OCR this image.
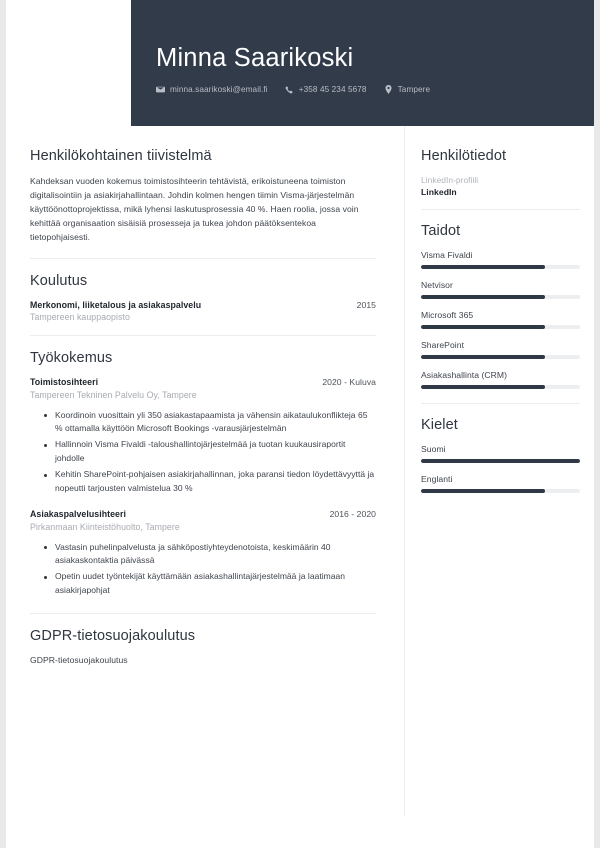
Minna Saarikoski
minna.saarikoski@email.fi	+358 45 234 5678	Tampere
Henkilökohtainen tiivistelmä
Kahdeksan vuoden kokemus toimistosihteerin tehtävistä, erikoistuneena toimiston digitalisointiin ja asiakirjahallintaan. Johdin kolmen hengen tiimin Visma-järjestelmän käyttöönottoprojektissa, mikä lyhensi laskutusprosessia 40 %. Haen roolia, jossa voin kehittää organisaation sisäisiä prosesseja ja tukea johdon päätöksentekoa tietopohjaisesti.
Koulutus
Merkonomi, liiketalous ja asiakaspalvelu	2015
Tampereen kauppaopisto
Työkokemus
Toimistosihteeri	2020 - Kuluva
Tampereen Tekninen Palvelu Oy, Tampere
Koordinoin vuosittain yli 350 asiakastapaamista ja vähensin aikataulukonflikteja 65 % ottamalla käyttöön Microsoft Bookings -varausjärjestelmän
Hallinnoin Visma Fivaldi -taloushallintojärjestelmää ja tuotan kuukausiraportit johdolle
Kehitin SharePoint-pohjaisen asiakirjahallinnan, joka paransi tiedon löydettävyyttä ja nopeutti tarjousten valmistelua 30 %
Asiakaspalvelusihteeri	2016 - 2020
Pirkanmaan Kiinteistöhuolto, Tampere
Vastasin puhelinpalvelusta ja sähköpostiyhteydenotoista, keskimäärin 40 asiakaskontaktia päivässä
Opetin uudet työntekijät käyttämään asiakashallintajärjestelmää ja laatimaan asiakirjapohjat
GDPR-tietosuojakoulutus
GDPR-tietosuojakoulutus
Henkilötiedot
LinkedIn-profiili
LinkedIn
Taidot
Visma Fivaldi
Netvisor
Microsoft 365
SharePoint
Asiakashallinta (CRM)
Kielet
Suomi
Englanti
